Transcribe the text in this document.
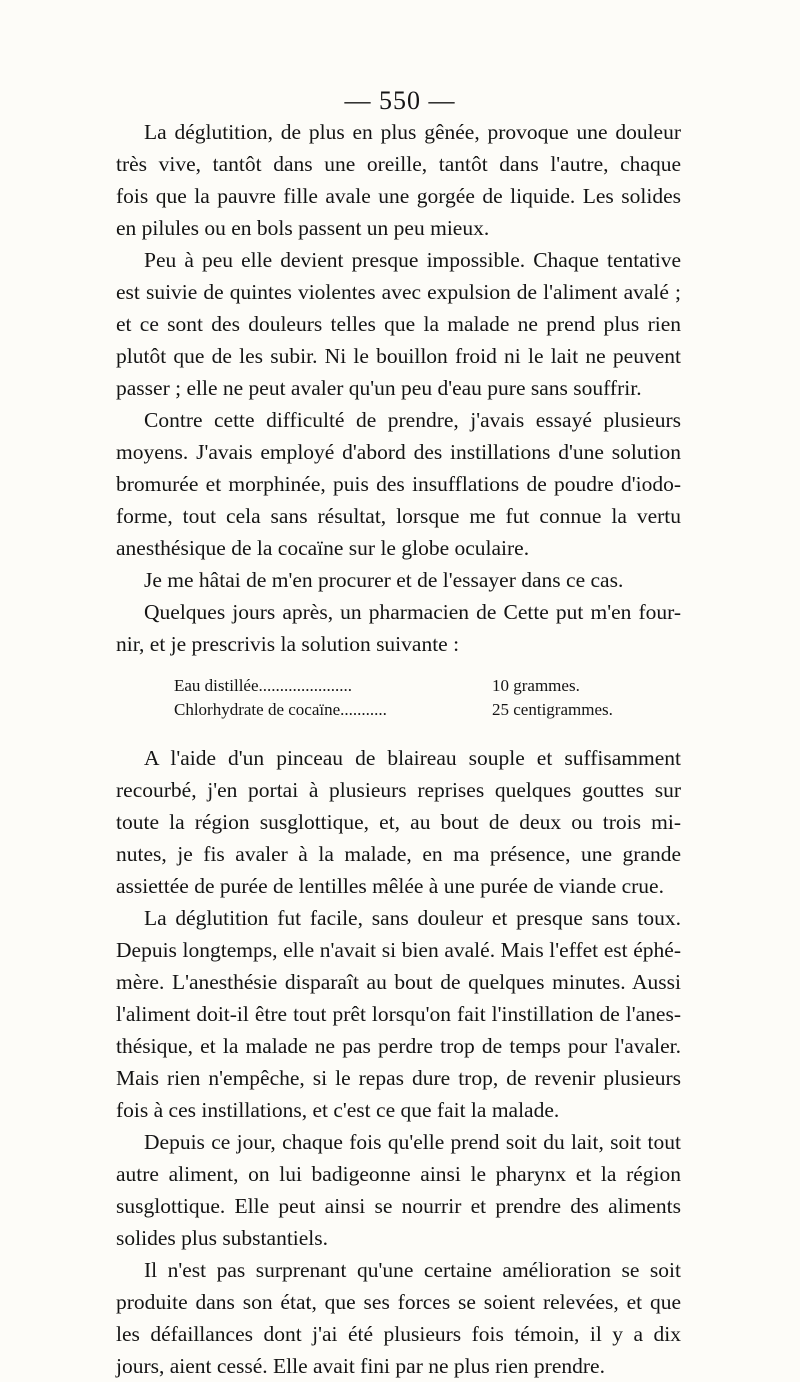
— 550 —
La déglutition, de plus en plus gênée, provoque une douleur
très vive, tantôt dans une oreille, tantôt dans l'autre, chaque
fois que la pauvre fille avale une gorgée de liquide. Les solides
en pilules ou en bols passent un peu mieux.
Peu à peu elle devient presque impossible. Chaque tentative
est suivie de quintes violentes avec expulsion de l'aliment avalé ;
et ce sont des douleurs telles que la malade ne prend plus rien
plutôt que de les subir. Ni le bouillon froid ni le lait ne peuvent
passer ; elle ne peut avaler qu'un peu d'eau pure sans souffrir.
Contre cette difficulté de prendre, j'avais essayé plusieurs
moyens. J'avais employé d'abord des instillations d'une solution
bromurée et morphinée, puis des insufflations de poudre d'iodo-
forme, tout cela sans résultat, lorsque me fut connue la vertu
anesthésique de la cocaïne sur le globe oculaire.
Je me hâtai de m'en procurer et de l'essayer dans ce cas.
Quelques jours après, un pharmacien de Cette put m'en four-
nir, et je prescrivis la solution suivante :
Eau distillée......................	10 grammes.
Chlorhydrate de cocaïne...........	25 centigrammes.
A l'aide d'un pinceau de blaireau souple et suffisamment
recourbé, j'en portai à plusieurs reprises quelques gouttes sur
toute la région susglottique, et, au bout de deux ou trois mi-
nutes, je fis avaler à la malade, en ma présence, une grande
assiettée de purée de lentilles mêlée à une purée de viande crue.
La déglutition fut facile, sans douleur et presque sans toux.
Depuis longtemps, elle n'avait si bien avalé. Mais l'effet est éphé-
mère. L'anesthésie disparaît au bout de quelques minutes. Aussi
l'aliment doit-il être tout prêt lorsqu'on fait l'instillation de l'anes-
thésique, et la malade ne pas perdre trop de temps pour l'avaler.
Mais rien n'empêche, si le repas dure trop, de revenir plusieurs
fois à ces instillations, et c'est ce que fait la malade.
Depuis ce jour, chaque fois qu'elle prend soit du lait, soit tout
autre aliment, on lui badigeonne ainsi le pharynx et la région
susglottique. Elle peut ainsi se nourrir et prendre des aliments
solides plus substantiels.
Il n'est pas surprenant qu'une certaine amélioration se soit
produite dans son état, que ses forces se soient relevées, et que
les défaillances dont j'ai été plusieurs fois témoin, il y a dix
jours, aient cessé. Elle avait fini par ne plus rien prendre.
